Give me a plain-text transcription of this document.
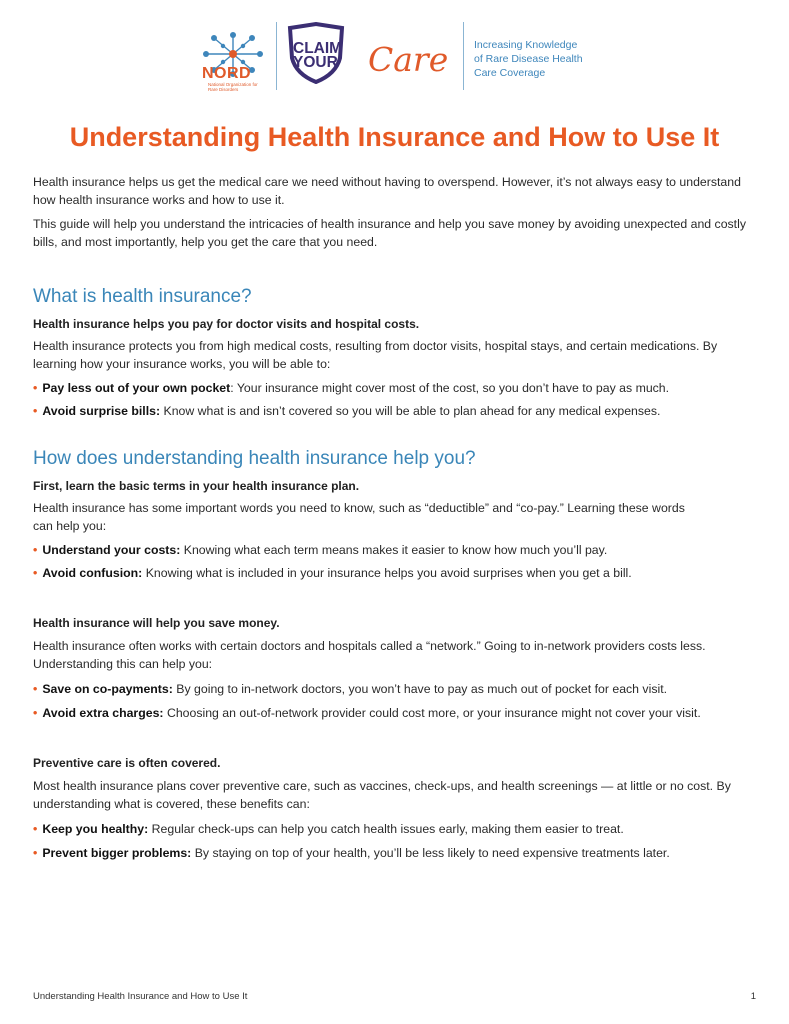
NORD
National Organization for Rare Disorders
CLAIM
YOUR Care Increasing Knowledge
of Rare Disease Health
Care Coverage
Understanding Health Insurance and How to Use It

Health insurance helps us get the medical care we need without having to overspend. However, it’s not always easy to understand how health insurance works and how to use it.

This guide will help you understand the intricacies of health insurance and help you save money by avoiding unexpected and costly bills, and most importantly, help you get the care that you need.

What is health insurance?

Health insurance helps you pay for doctor visits and hospital costs.

Health insurance protects you from high medical costs, resulting from doctor visits, hospital stays, and certain medications. By learning how your insurance works, you will be able to:

• Pay less out of your own pocket: Your insurance might cover most of the cost, so you don’t have to pay as much.

• Avoid surprise bills: Know what is and isn’t covered so you will be able to plan ahead for any medical expenses.

How does understanding health insurance help you?

First, learn the basic terms in your health insurance plan.

Health insurance has some important words you need to know, such as “deductible” and “co-pay.” Learning these words can help you:

• Understand your costs: Knowing what each term means makes it easier to know how much you’ll pay.

• Avoid confusion: Knowing what is included in your insurance helps you avoid surprises when you get a bill.

Health insurance will help you save money.

Health insurance often works with certain doctors and hospitals called a “network.” Going to in-network providers costs less. Understanding this can help you:

• Save on co-payments: By going to in-network doctors, you won’t have to pay as much out of pocket for each visit.

• Avoid extra charges: Choosing an out-of-network provider could cost more, or your insurance might not cover your visit.

Preventive care is often covered.

Most health insurance plans cover preventive care, such as vaccines, check-ups, and health screenings — at little or no cost. By understanding what is covered, these benefits can:

• Keep you healthy: Regular check-ups can help you catch health issues early, making them easier to treat.

• Prevent bigger problems: By staying on top of your health, you’ll be less likely to need expensive treatments later.

Understanding Health Insurance and How to Use It	1
